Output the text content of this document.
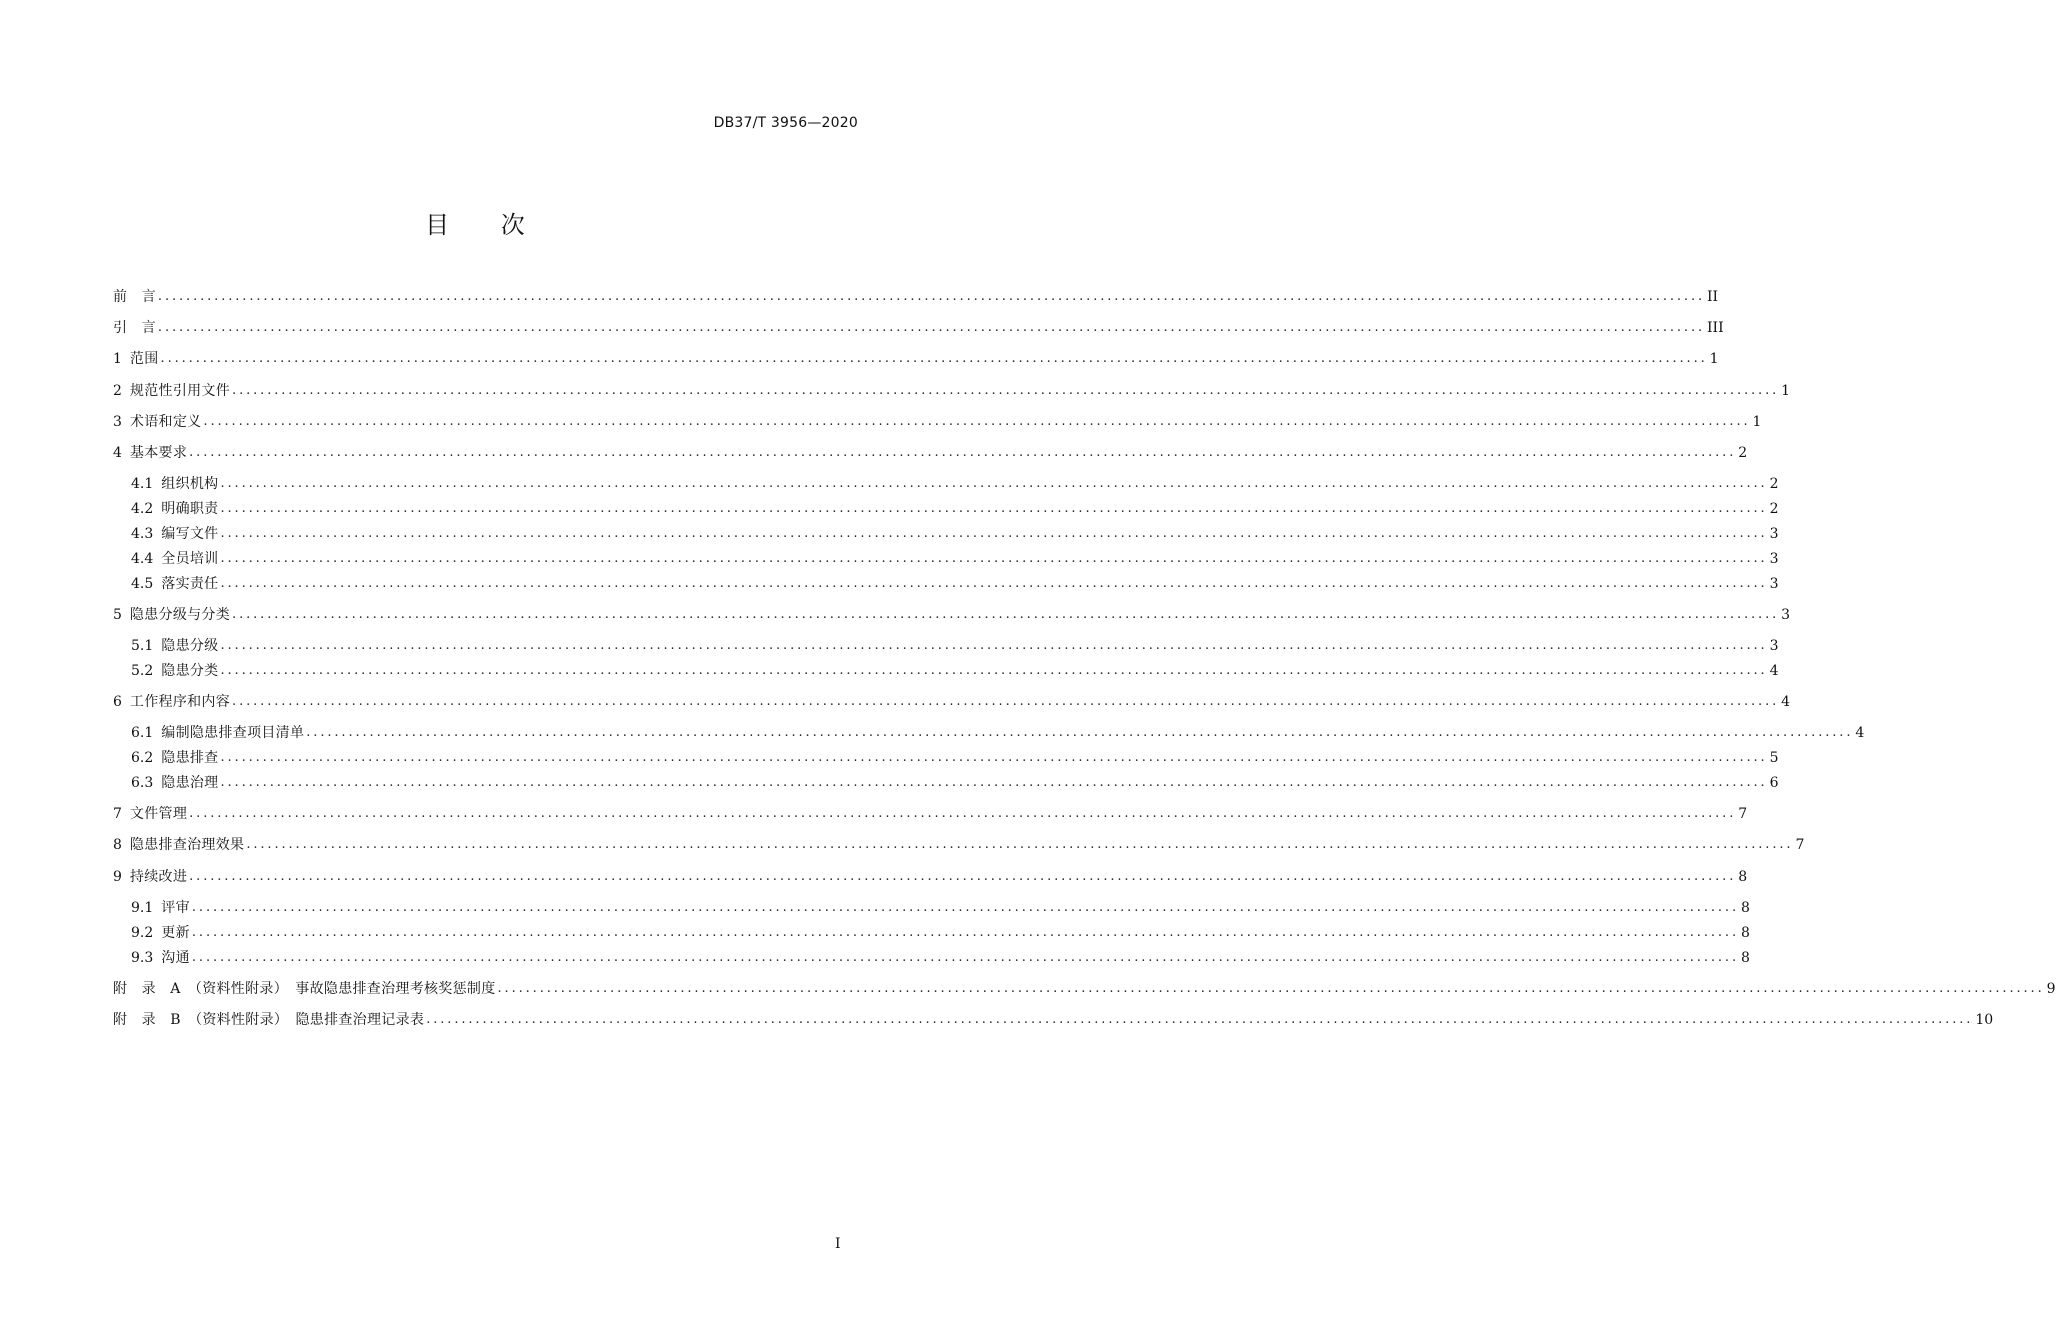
DB37/T 3956—2020
目 次
前　言 ............................................................................................................................................................................................................................ II
引　言 ............................................................................................................................................................................................................................ III
1 范围 ............................................................................................................................................................................................................................ 1
2 规范性引用文件 ............................................................................................................................................................................................................................ 1
3 术语和定义 ............................................................................................................................................................................................................................ 1
4 基本要求 ............................................................................................................................................................................................................................ 2
4.1 组织机构 ............................................................................................................................................................................................................................ 2
4.2 明确职责 ............................................................................................................................................................................................................................ 2
4.3 编写文件 ............................................................................................................................................................................................................................ 3
4.4 全员培训 ............................................................................................................................................................................................................................ 3
4.5 落实责任 ............................................................................................................................................................................................................................ 3
5 隐患分级与分类 ............................................................................................................................................................................................................................ 3
5.1 隐患分级 ............................................................................................................................................................................................................................ 3
5.2 隐患分类 ............................................................................................................................................................................................................................ 4
6 工作程序和内容 ............................................................................................................................................................................................................................ 4
6.1 编制隐患排查项目清单 ............................................................................................................................................................................................................................ 4
6.2 隐患排查 ............................................................................................................................................................................................................................ 5
6.3 隐患治理 ............................................................................................................................................................................................................................ 6
7 文件管理 ............................................................................................................................................................................................................................ 7
8 隐患排查治理效果 ............................................................................................................................................................................................................................ 7
9 持续改进 ............................................................................................................................................................................................................................ 8
9.1 评审 ............................................................................................................................................................................................................................ 8
9.2 更新 ............................................................................................................................................................................................................................ 8
9.3 沟通 ............................................................................................................................................................................................................................ 8
附　录　A　（资料性附录）　事故隐患排查治理考核奖惩制度 ............................................................................................................................................................................................................................ 9
附　录　B　（资料性附录）　隐患排查治理记录表 ............................................................................................................................................................................................................................ 10
I
